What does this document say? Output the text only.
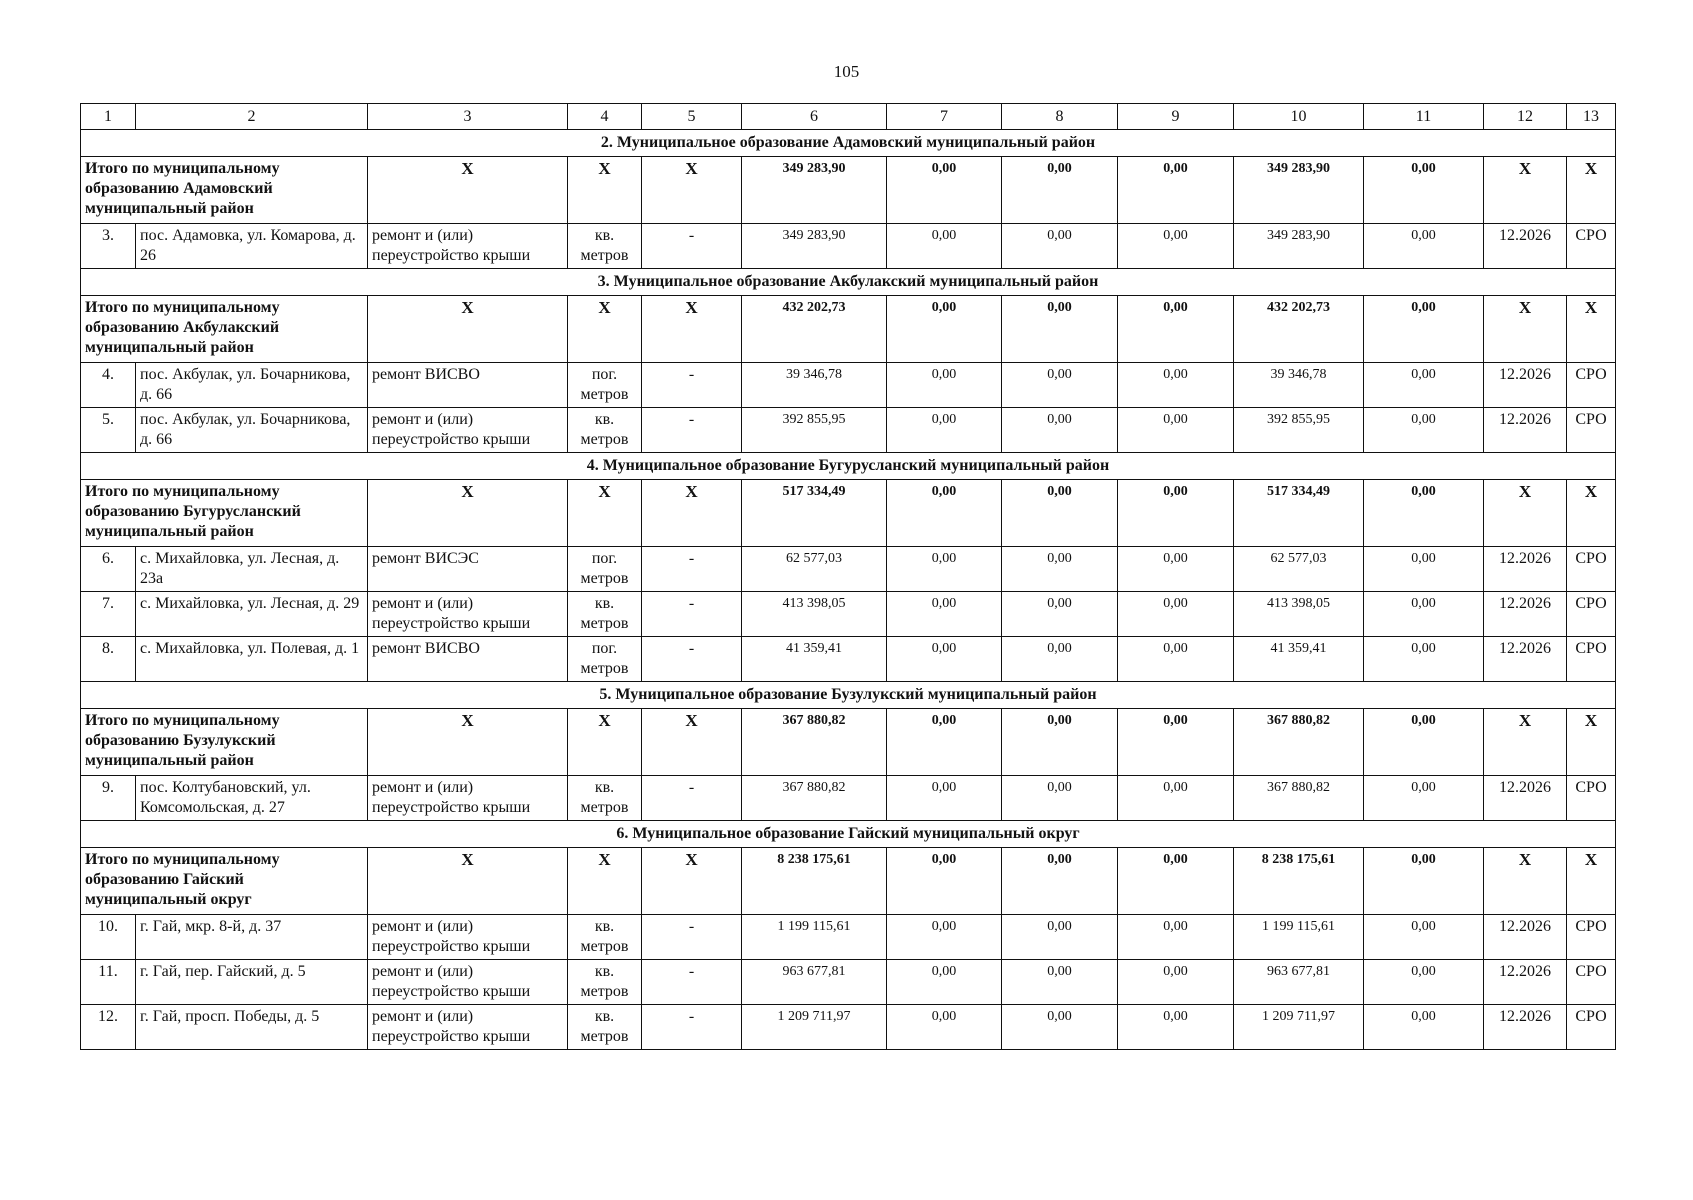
105
1	2	3	4	5	6	7	8	9	10	11	12	13
2. Муниципальное образование Адамовский муниципальный район												
Итого по муниципальному образованию Адамовский муниципальный район		Х	Х	Х	349 283,90	0,00	0,00	0,00	349 283,90	0,00	Х	Х
3.	пос. Адамовка, ул. Комарова, д. 26	ремонт и (или) переустройство крыши	кв. метров	-	349 283,90	0,00	0,00	0,00	349 283,90	0,00	12.2026	СРО
3. Муниципальное образование Акбулакский муниципальный район												
Итого по муниципальному образованию Акбулакский муниципальный район		Х	Х	Х	432 202,73	0,00	0,00	0,00	432 202,73	0,00	Х	Х
4.	пос. Акбулак, ул. Бочарникова, д. 66	ремонт ВИСВО	пог. метров	-	39 346,78	0,00	0,00	0,00	39 346,78	0,00	12.2026	СРО
5.	пос. Акбулак, ул. Бочарникова, д. 66	ремонт и (или) переустройство крыши	кв. метров	-	392 855,95	0,00	0,00	0,00	392 855,95	0,00	12.2026	СРО
4. Муниципальное образование Бугурусланский муниципальный район												
Итого по муниципальному образованию Бугурусланский муниципальный район		Х	Х	Х	517 334,49	0,00	0,00	0,00	517 334,49	0,00	Х	Х
6.	с. Михайловка, ул. Лесная, д. 23а	ремонт ВИСЭС	пог. метров	-	62 577,03	0,00	0,00	0,00	62 577,03	0,00	12.2026	СРО
7.	с. Михайловка, ул. Лесная, д. 29	ремонт и (или) переустройство крыши	кв. метров	-	413 398,05	0,00	0,00	0,00	413 398,05	0,00	12.2026	СРО
8.	с. Михайловка, ул. Полевая, д. 1	ремонт ВИСВО	пог. метров	-	41 359,41	0,00	0,00	0,00	41 359,41	0,00	12.2026	СРО
5. Муниципальное образование Бузулукский муниципальный район												
Итого по муниципальному образованию Бузулукский муниципальный район		Х	Х	Х	367 880,82	0,00	0,00	0,00	367 880,82	0,00	Х	Х
9.	пос. Колтубановский, ул. Комсомольская, д. 27	ремонт и (или) переустройство крыши	кв. метров	-	367 880,82	0,00	0,00	0,00	367 880,82	0,00	12.2026	СРО
6. Муниципальное образование Гайский муниципальный округ												
Итого по муниципальному образованию Гайский муниципальный округ		Х	Х	Х	8 238 175,61	0,00	0,00	0,00	8 238 175,61	0,00	Х	Х
10.	г. Гай, мкр. 8-й, д. 37	ремонт и (или) переустройство крыши	кв. метров	-	1 199 115,61	0,00	0,00	0,00	1 199 115,61	0,00	12.2026	СРО
11.	г. Гай, пер. Гайский, д. 5	ремонт и (или) переустройство крыши	кв. метров	-	963 677,81	0,00	0,00	0,00	963 677,81	0,00	12.2026	СРО
12.	г. Гай, просп. Победы, д. 5	ремонт и (или) переустройство крыши	кв. метров	-	1 209 711,97	0,00	0,00	0,00	1 209 711,97	0,00	12.2026	СРО
